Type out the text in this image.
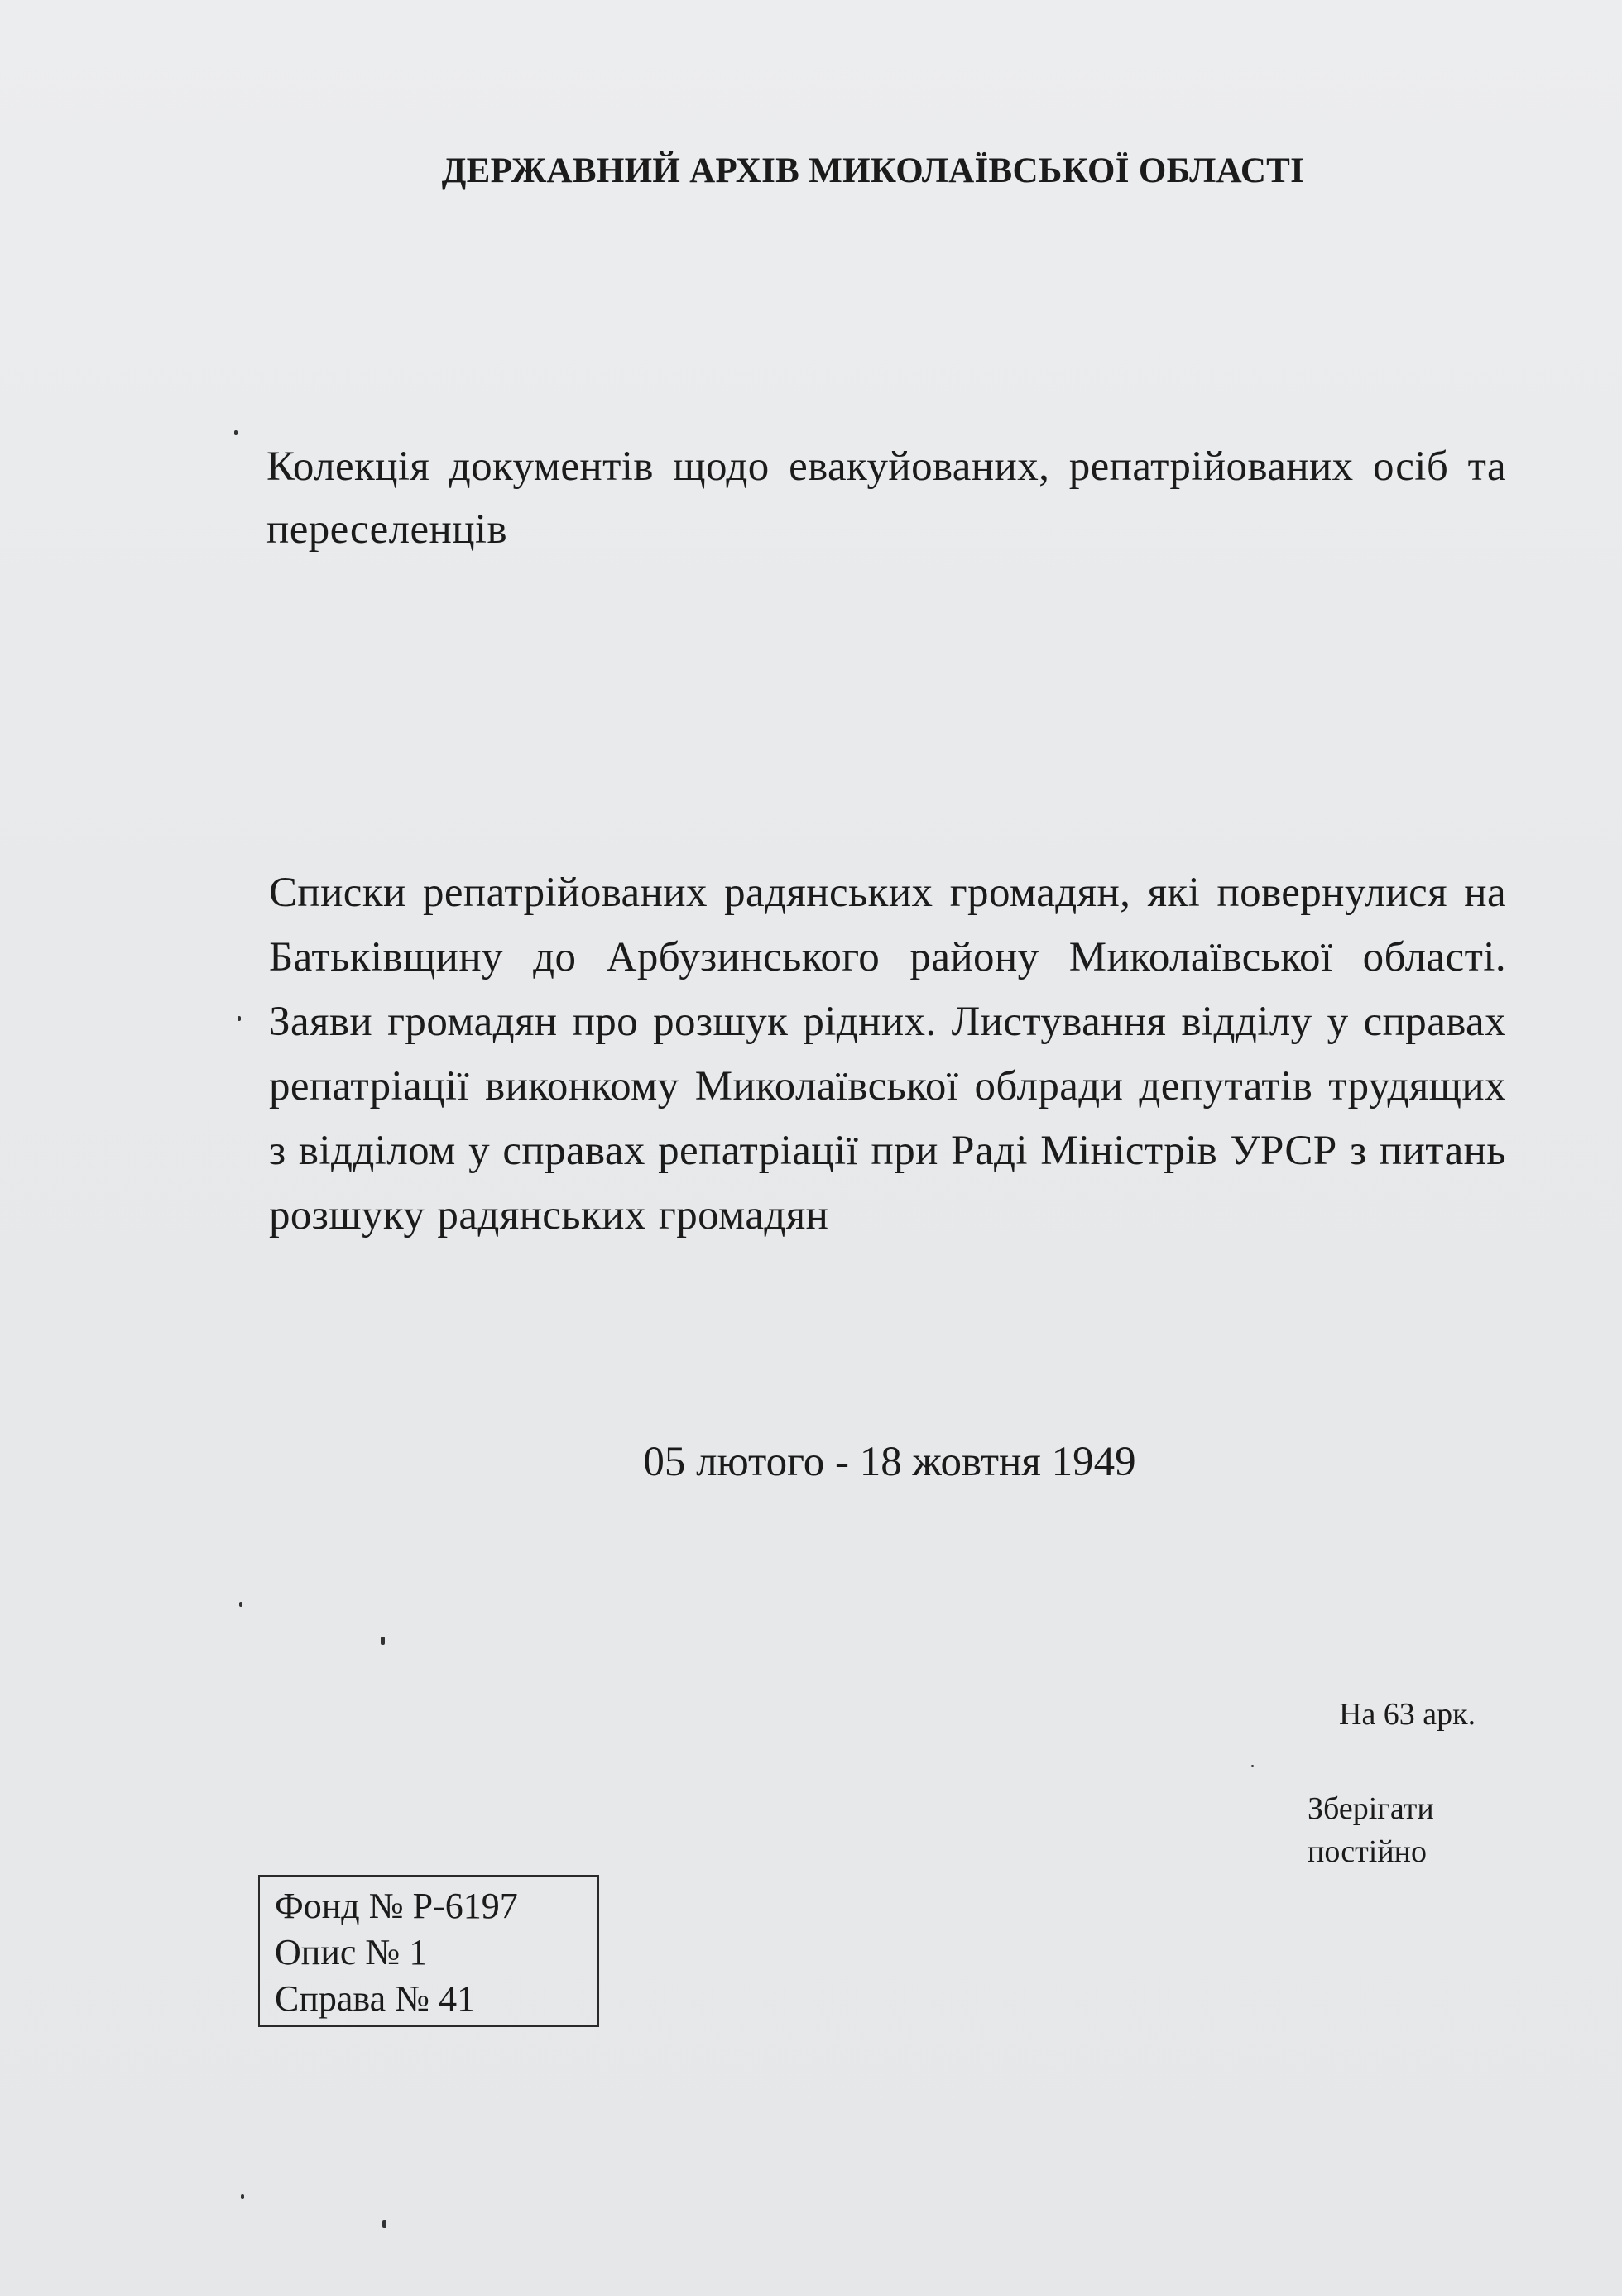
ДЕРЖАВНИЙ АРХІВ МИКОЛАЇВСЬКОЇ ОБЛАСТІ
Колекція документів щодо евакуйованих, репатрійованих осіб та переселенців
Списки репатрійованих радянських громадян, які повернулися на Батьківщину до Арбузинського району Миколаївської області. Заяви громадян про розшук рідних. Листування відділу у справах репатріації виконкому Миколаївської облради депутатів трудящих з відділом у справах репатріації при Раді Міністрів УРСР з питань розшуку радянських громадян
05 лютого - 18 жовтня 1949
На 63 арк.
Зберігати
постійно
Фонд № Р-6197
Опис № 1
Справа № 41
